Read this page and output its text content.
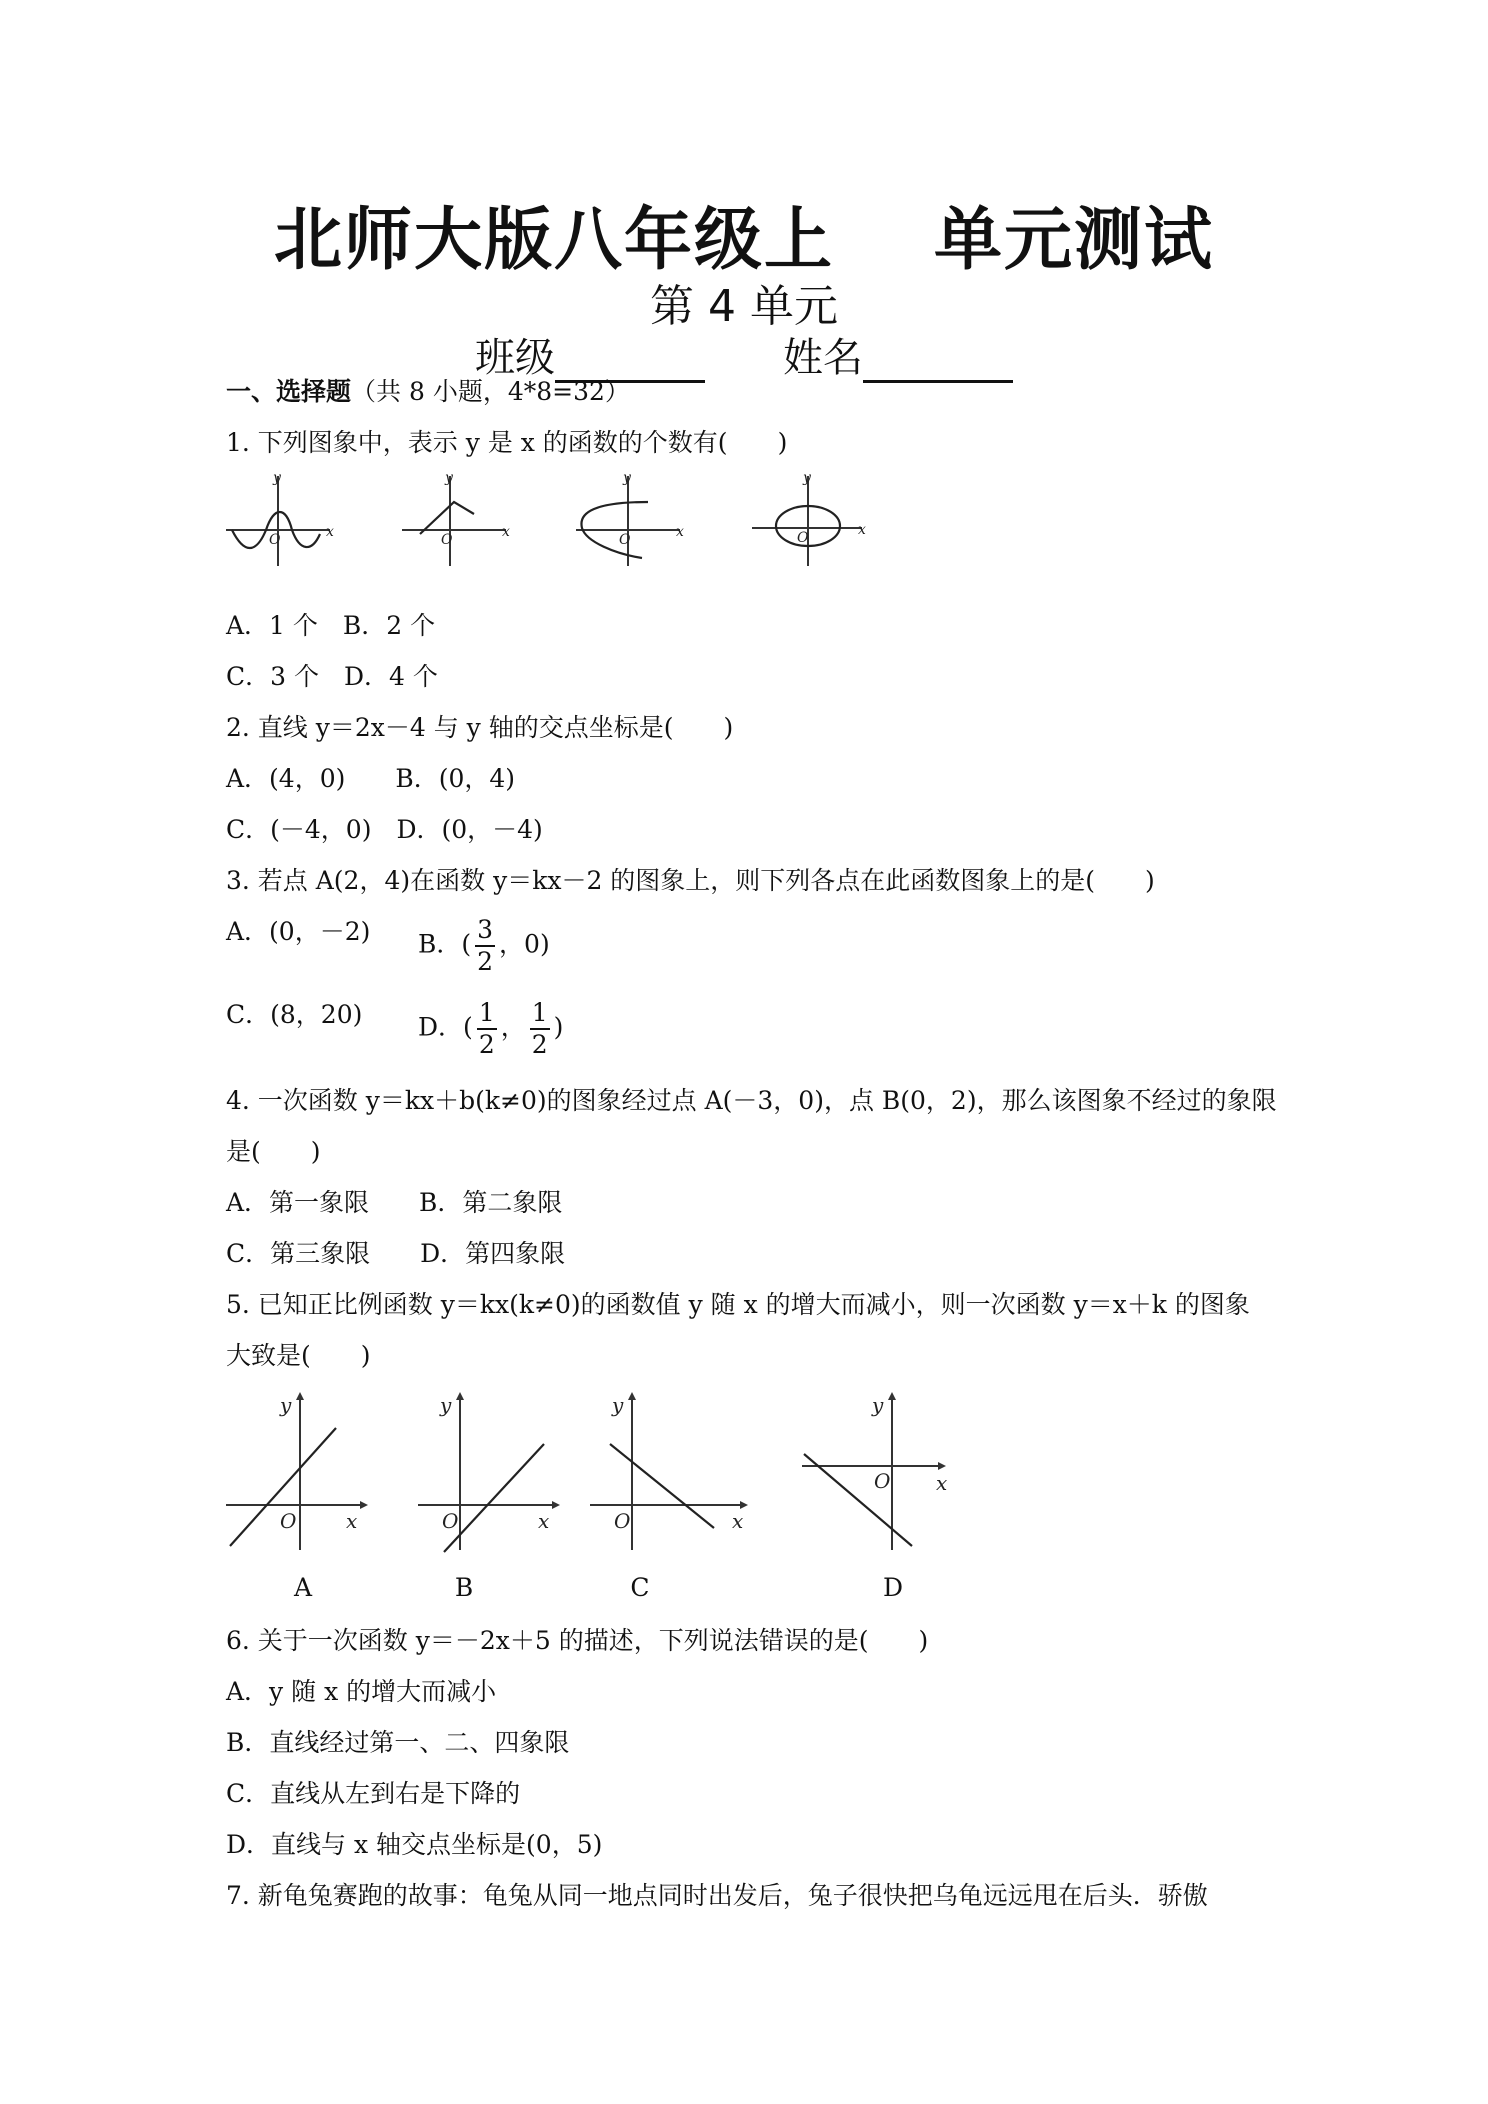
北师大版八年级上 单元测试
第 4 单元
班级	姓名
一、选择题（共 8 小题，4*8=32）
1. 下列图象中，表示 y 是 x 的函数的个数有(　　)
y
x
O
y
x
O
y
x
O
y
x
O
A．1 个　B．2 个
C．3 个　D．4 个
2. 直线 y＝2x－4 与 y 轴的交点坐标是(　　)
A．(4，0)　　B．(0，4)
C．(－4，0)　D．(0，－4)
3. 若点 A(2，4)在函数 y＝kx－2 的图象上，则下列各点在此函数图象上的是(　　)
A．(0，－2) B．( $\frac{3}{2}$ ，0)
C．(8，20) D．( $\frac{1}{2}$ ， $\frac{1}{2}$ )
4. 一次函数 y＝kx＋b(k≠0)的图象经过点 A(－3，0)，点 B(0，2)，那么该图象不经过的象限
是(　　)
A．第一象限　　B．第二象限
C．第三象限　　D．第四象限
5. 已知正比例函数 y＝kx(k≠0)的函数值 y 随 x 的增大而减小，则一次函数 y＝x＋k 的图象
大致是(　　)
y
x
O
y
x
O
y
x
O
y
x
O
A	B	C	D
6. 关于一次函数 y＝－2x＋5 的描述，下列说法错误的是(　　)
A．y 随 x 的增大而减小
B．直线经过第一、二、四象限
C．直线从左到右是下降的
D．直线与 x 轴交点坐标是(0，5)
7. 新龟兔赛跑的故事：龟兔从同一地点同时出发后，兔子很快把乌龟远远甩在后头．骄傲
